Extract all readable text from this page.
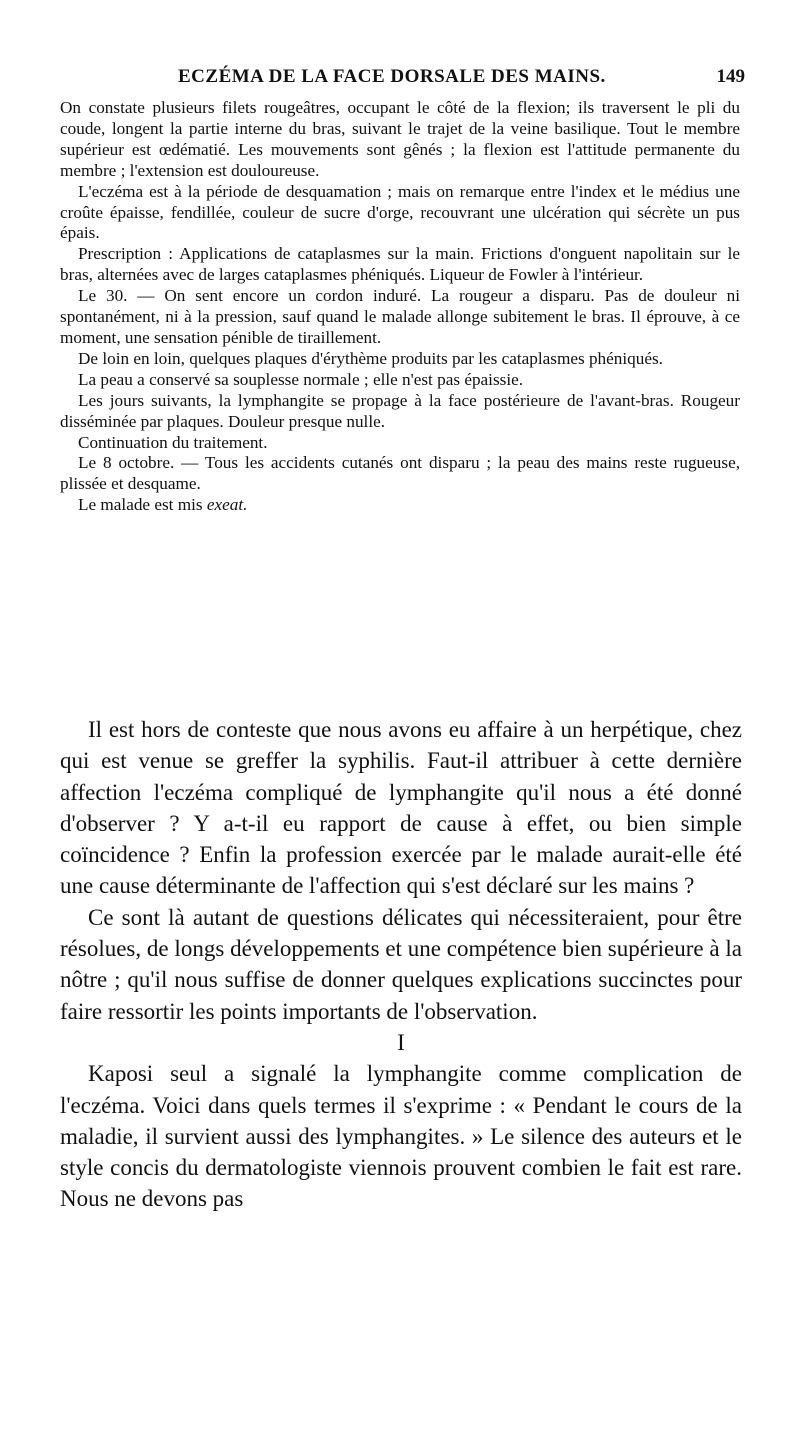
ECZÉMA DE LA FACE DORSALE DES MAINS.	149

On constate plusieurs filets rougeâtres, occupant le côté de la flexion; ils traversent le pli du coude, longent la partie interne du bras, suivant le trajet de la veine basilique. Tout le membre supérieur est œdématié. Les mouvements sont gênés ; la flexion est l'attitude permanente du membre ; l'extension est douloureuse.

L'eczéma est à la période de desquamation ; mais on remarque entre l'index et le médius une croûte épaisse, fendillée, couleur de sucre d'orge, recouvrant une ulcération qui sécrète un pus épais.

Prescription : Applications de cataplasmes sur la main. Frictions d'onguent napolitain sur le bras, alternées avec de larges cataplasmes phéniqués. Liqueur de Fowler à l'intérieur.

Le 30. — On sent encore un cordon induré. La rougeur a disparu. Pas de douleur ni spontanément, ni à la pression, sauf quand le malade allonge subitement le bras. Il éprouve, à ce moment, une sensation pénible de tiraillement.

De loin en loin, quelques plaques d'érythème produits par les cataplasmes phéniqués.

La peau a conservé sa souplesse normale ; elle n'est pas épaissie.

Les jours suivants, la lymphangite se propage à la face postérieure de l'avant-bras. Rougeur disséminée par plaques. Douleur presque nulle.

Continuation du traitement.

Le 8 octobre. — Tous les accidents cutanés ont disparu ; la peau des mains reste rugueuse, plissée et desquame.

Le malade est mis exeat.

Il est hors de conteste que nous avons eu affaire à un herpétique, chez qui est venue se greffer la syphilis. Faut-il attribuer à cette dernière affection l'eczéma compliqué de lymphangite qu'il nous a été donné d'observer ? Y a-t-il eu rapport de cause à effet, ou bien simple coïncidence ? Enfin la profession exercée par le malade aurait-elle été une cause déterminante de l'affection qui s'est déclaré sur les mains ?

Ce sont là autant de questions délicates qui nécessiteraient, pour être résolues, de longs développements et une compétence bien supérieure à la nôtre ; qu'il nous suffise de donner quelques explications succinctes pour faire ressortir les points importants de l'observation.

I

Kaposi seul a signalé la lymphangite comme complication de l'eczéma. Voici dans quels termes il s'exprime : « Pendant le cours de la maladie, il survient aussi des lymphangites. » Le silence des auteurs et le style concis du dermatologiste viennois prouvent combien le fait est rare. Nous ne devons pas
